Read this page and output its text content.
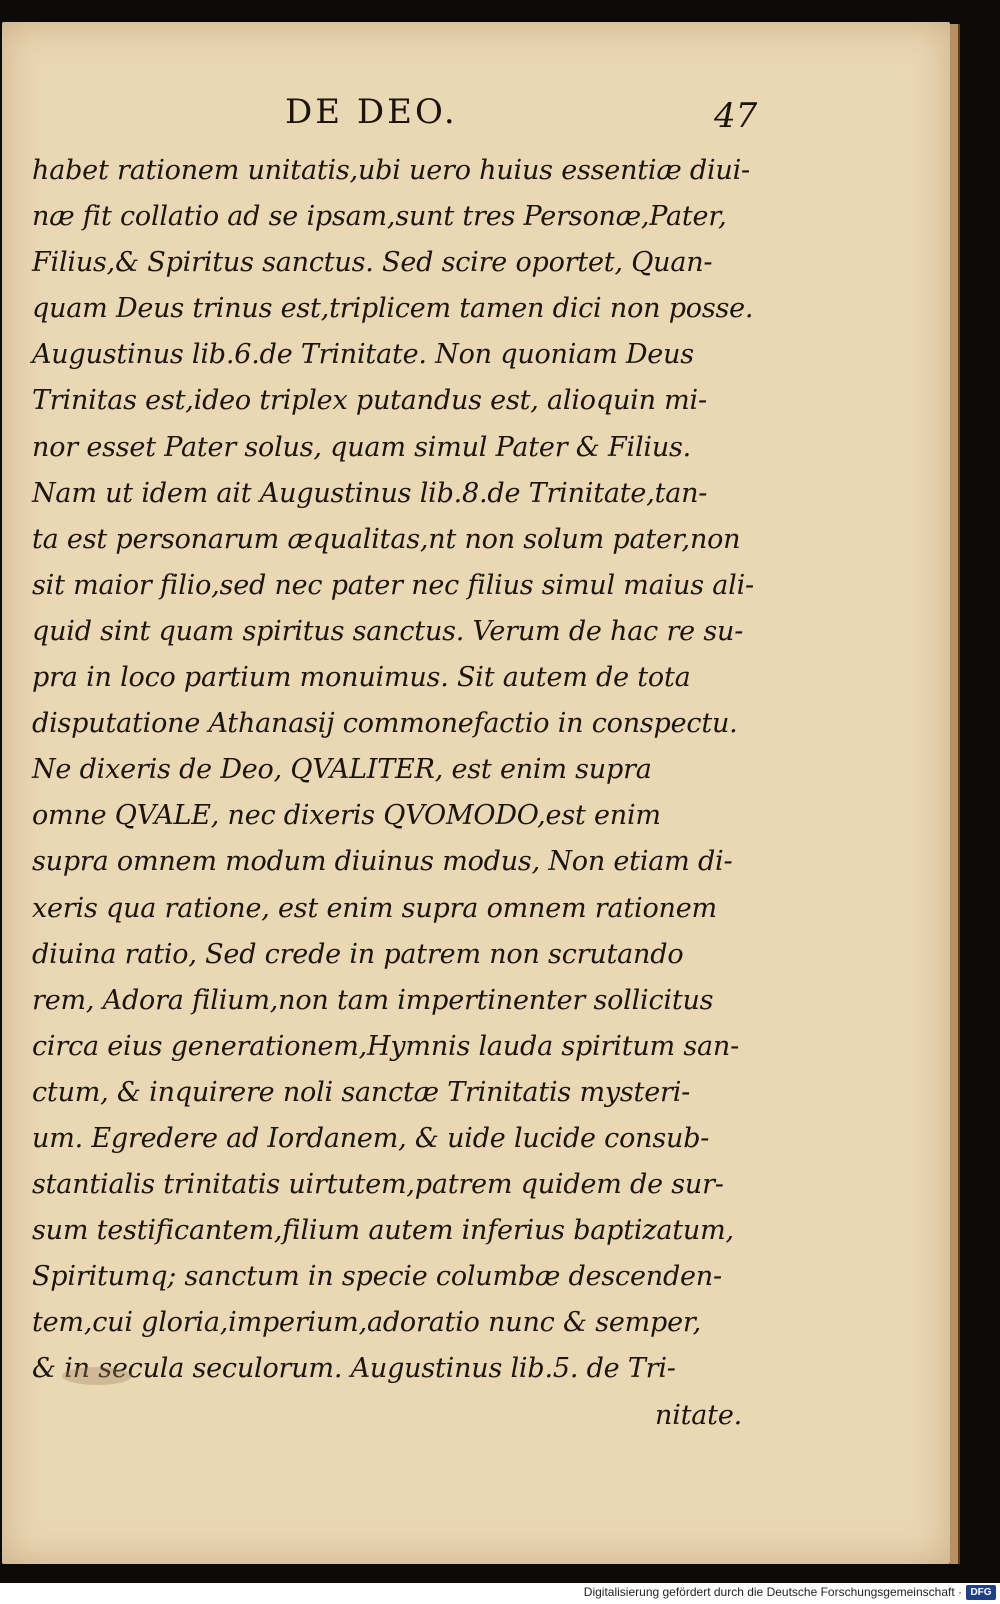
DE DEO.	47
habet rationem unitatis,ubi uero huius essentiæ diui-
næ fit collatio ad se ipsam,sunt tres Personæ,Pater,
Filius,& Spiritus sanctus. Sed scire oportet, Quan-
quam Deus trinus est,triplicem tamen dici non posse.
Augustinus lib.6.de Trinitate. Non quoniam Deus
Trinitas est,ideo triplex putandus est, alioquin mi-
nor esset Pater solus, quam simul Pater & Filius.
Nam ut idem ait Augustinus lib.8.de Trinitate,tan-
ta est personarum æqualitas,nt non solum pater,non
sit maior filio,sed nec pater nec filius simul maius ali-
quid sint quam spiritus sanctus. Verum de hac re su-
pra in loco partium monuimus. Sit autem de tota
disputatione Athanasij commonefactio in conspectu.
Ne dixeris de Deo, QVALITER, est enim supra
omne QVALE, nec dixeris QVOMODO,est enim
supra omnem modum diuinus modus, Non etiam di-
xeris qua ratione, est enim supra omnem rationem
diuina ratio, Sed crede in patrem non scrutando
rem, Adora filium,non tam impertinenter sollicitus
circa eius generationem,Hymnis lauda spiritum san-
ctum, & inquirere noli sanctæ Trinitatis mysteri-
um. Egredere ad Iordanem, & uide lucide consub-
stantialis trinitatis uirtutem,patrem quidem de sur-
sum testificantem,filium autem inferius baptizatum,
Spiritumq; sanctum in specie columbæ descenden-
tem,cui gloria,imperium,adoratio nunc & semper,
& in secula seculorum. Augustinus lib.5. de Tri-
nitate.
Digitalisierung gefördert durch die Deutsche Forschungsgemeinschaft · DFG
